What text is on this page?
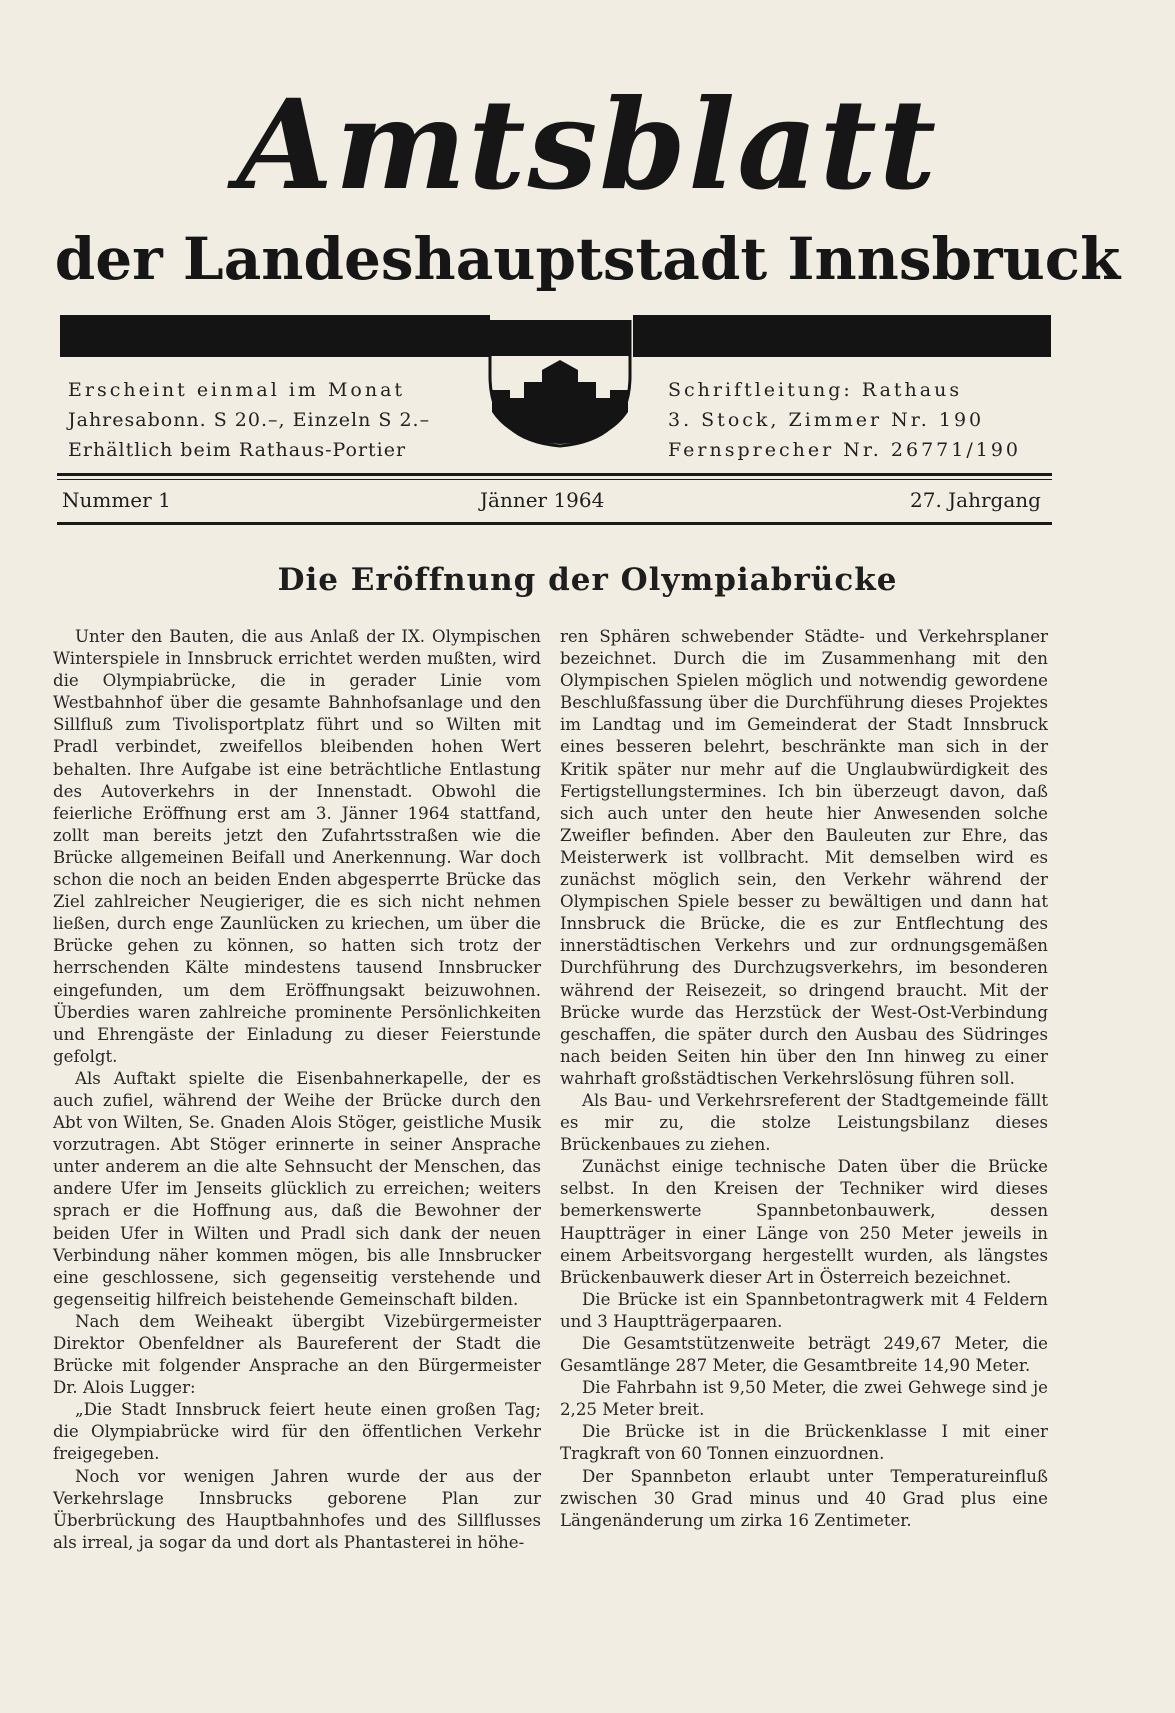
Amtsblatt
der Landeshauptstadt Innsbruck
Erscheint einmal im Monat
Jahresabonn. S 20.–, Einzeln S 2.–
Erhältlich beim Rathaus-Portier
Schriftleitung: Rathaus
3. Stock, Zimmer Nr. 190
Fernsprecher Nr. 26771/190
Nummer 1	Jänner 1964	27. Jahrgang
Die Eröffnung der Olympiabrücke

Unter den Bauten, die aus Anlaß der IX. Olympischen Winterspiele in Innsbruck errichtet werden mußten, wird die Olympiabrücke, die in gerader Linie vom Westbahnhof über die gesamte Bahnhofsanlage und den Sillfluß zum Tivolisportplatz führt und so Wilten mit Pradl verbindet, zweifellos bleibenden hohen Wert behalten. Ihre Aufgabe ist eine beträchtliche Entlastung des Autoverkehrs in der Innenstadt. Obwohl die feierliche Eröffnung erst am 3. Jänner 1964 stattfand, zollt man bereits jetzt den Zufahrtsstraßen wie die Brücke allgemeinen Beifall und Anerkennung. War doch schon die noch an beiden Enden abgesperrte Brücke das Ziel zahlreicher Neugieriger, die es sich nicht nehmen ließen, durch enge Zaunlücken zu kriechen, um über die Brücke gehen zu können, so hatten sich trotz der herrschenden Kälte mindestens tausend Innsbrucker eingefunden, um dem Eröffnungsakt beizuwohnen. Überdies waren zahlreiche prominente Persönlichkeiten und Ehrengäste der Einladung zu dieser Feierstunde gefolgt.

Als Auftakt spielte die Eisenbahnerkapelle, der es auch zufiel, während der Weihe der Brücke durch den Abt von Wilten, Se. Gnaden Alois Stöger, geistliche Musik vorzutragen. Abt Stöger erinnerte in seiner Ansprache unter anderem an die alte Sehnsucht der Menschen, das andere Ufer im Jenseits glücklich zu erreichen; weiters sprach er die Hoffnung aus, daß die Bewohner der beiden Ufer in Wilten und Pradl sich dank der neuen Verbindung näher kommen mögen, bis alle Innsbrucker eine geschlossene, sich gegenseitig verstehende und gegenseitig hilfreich beistehende Gemeinschaft bilden.

Nach dem Weiheakt übergibt Vizebürgermeister Direktor Obenfeldner als Baureferent der Stadt die Brücke mit folgender Ansprache an den Bürgermeister Dr. Alois Lugger:

„Die Stadt Innsbruck feiert heute einen großen Tag; die Olympiabrücke wird für den öffentlichen Verkehr freigegeben.

Noch vor wenigen Jahren wurde der aus der Verkehrslage Innsbrucks geborene Plan zur Überbrückung des Hauptbahnhofes und des Sillflusses als irreal, ja sogar da und dort als Phantasterei in höhe-

ren Sphären schwebender Städte- und Verkehrsplaner bezeichnet. Durch die im Zusammenhang mit den Olympischen Spielen möglich und notwendig gewordene Beschlußfassung über die Durchführung dieses Projektes im Landtag und im Gemeinderat der Stadt Innsbruck eines besseren belehrt, beschränkte man sich in der Kritik später nur mehr auf die Unglaubwürdigkeit des Fertigstellungstermines. Ich bin überzeugt davon, daß sich auch unter den heute hier Anwesenden solche Zweifler befinden. Aber den Bauleuten zur Ehre, das Meisterwerk ist vollbracht. Mit demselben wird es zunächst möglich sein, den Verkehr während der Olympischen Spiele besser zu bewältigen und dann hat Innsbruck die Brücke, die es zur Entflechtung des innerstädtischen Verkehrs und zur ordnungsgemäßen Durchführung des Durchzugsverkehrs, im besonderen während der Reisezeit, so dringend braucht. Mit der Brücke wurde das Herzstück der West-Ost-Verbindung geschaffen, die später durch den Ausbau des Südringes nach beiden Seiten hin über den Inn hinweg zu einer wahrhaft großstädtischen Verkehrslösung führen soll.

Als Bau- und Verkehrsreferent der Stadtgemeinde fällt es mir zu, die stolze Leistungsbilanz dieses Brückenbaues zu ziehen.

Zunächst einige technische Daten über die Brücke selbst. In den Kreisen der Techniker wird dieses bemerkenswerte Spannbetonbauwerk, dessen Hauptträger in einer Länge von 250 Meter jeweils in einem Arbeitsvorgang hergestellt wurden, als längstes Brückenbauwerk dieser Art in Österreich bezeichnet.

Die Brücke ist ein Spannbetontragwerk mit 4 Feldern und 3 Hauptträgerpaaren.

Die Gesamtstützenweite beträgt 249,67 Meter, die Gesamtlänge 287 Meter, die Gesamtbreite 14,90 Meter.

Die Fahrbahn ist 9,50 Meter, die zwei Gehwege sind je 2,25 Meter breit.

Die Brücke ist in die Brückenklasse I mit einer Tragkraft von 60 Tonnen einzuordnen.

Der Spannbeton erlaubt unter Temperatureinfluß zwischen 30 Grad minus und 40 Grad plus eine Längenänderung um zirka 16 Zentimeter.
